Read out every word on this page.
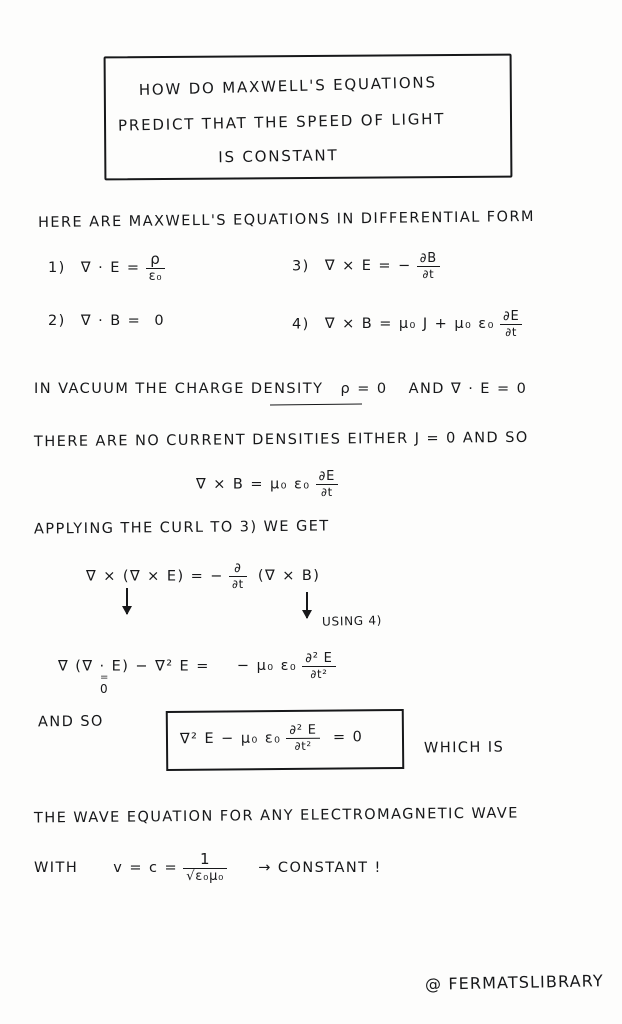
HOW DO MAXWELL'S EQUATIONS
PREDICT THAT THE SPEED OF LIGHT
IS CONSTANT
HERE ARE MAXWELL'S EQUATIONS IN DIFFERENTIAL FORM
1) ∇ · $E = \frac{\rho}{\text{ε₀}}$
2) ∇ · B = 0
3) ∇ × E = − $\frac{\partial B}{\partial t}$
4) ∇ × B = μ₀ J + μ₀ $\varepsilon_0 \frac{\partial E}{\partial t}$
IN VACUUM THE CHARGE DENSITY ρ = 0 AND ∇ · E = 0
THERE ARE NO CURRENT DENSITIES EITHER J = 0 AND SO
∇ × B = μ₀ $\varepsilon_0 \frac{\partial E}{\partial t}$
APPLYING THE CURL TO 3) WE GET
∇ × (∇ × E) = − $\frac{\partial}{\partial t}$ (∇ × B)
USING 4)
∇ (∇ · E) − ∇² E = − μ₀ $\varepsilon_0 \frac{\text{∂² E}}{\text{∂t²}}$
=
0
AND SO
∇² E − μ₀ $\varepsilon_0 \frac{\text{∂² E}}{\text{∂t²}} = 0$
WHICH IS
THE WAVE EQUATION FOR ANY ELECTROMAGNETIC WAVE
WITH $v = c = \frac{1}{\text{√ε₀μ₀}}$ → CONSTANT !
@ FERMATSLIBRARY
